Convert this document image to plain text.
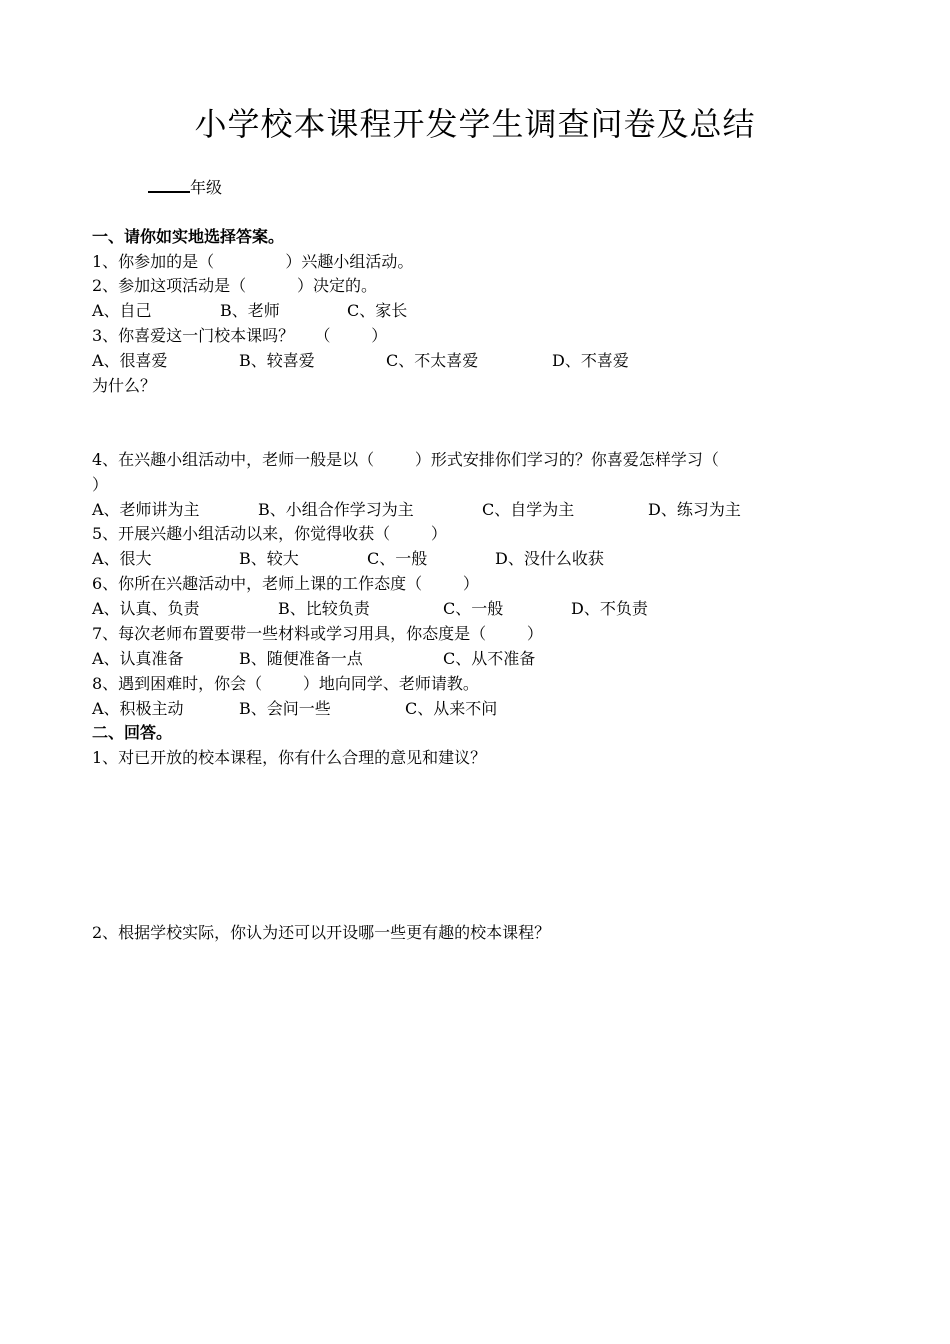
小学校本课程开发学生调查问卷及总结
年级
一、请你如实地选择答案。
1、你参加的是（              ）兴趣小组活动。
2、参加这项活动是（          ）决定的。
A、自己	B、老师	C、家长
3、你喜爱这一门校本课吗？    （        ）
A、很喜爱	B、较喜爱	C、不太喜爱	D、不喜爱
为什么？
4、在兴趣小组活动中，老师一般是以（        ）形式安排你们学习的？你喜爱怎样学习（
）
A、老师讲为主	B、小组合作学习为主	C、自学为主	D、练习为主
5、开展兴趣小组活动以来，你觉得收获（        ）
A、很大	B、较大	C、一般	D、没什么收获
6、你所在兴趣活动中，老师上课的工作态度（        ）
A、认真、负责	B、比较负责	C、一般	D、不负责
7、每次老师布置要带一些材料或学习用具，你态度是（        ）
A、认真准备	B、随便准备一点	C、从不准备
8、遇到困难时，你会（        ）地向同学、老师请教。
A、积极主动	B、会问一些	C、从来不问
二、回答。
1、对已开放的校本课程，你有什么合理的意见和建议？
2、根据学校实际，你认为还可以开设哪一些更有趣的校本课程？
